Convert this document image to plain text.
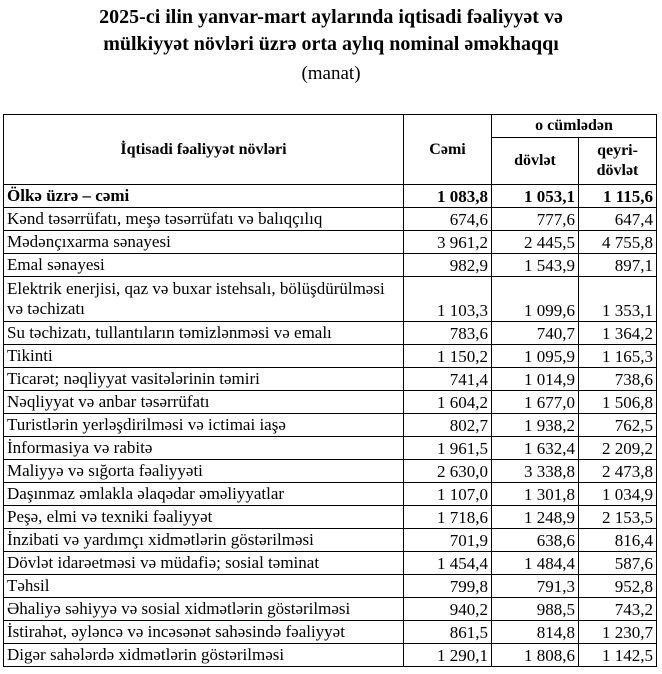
2025-ci ilin yanvar-mart aylarında iqtisadi fəaliyyət və
mülkiyyət növləri üzrə orta aylıq nominal əməkhaqqı
(manat)
İqtisadi fəaliyyət növləri	Cəmi	o cümlədən	
		dövlət	qeyri-dövlət
Ölkə üzrə – cəmi	1 083,8	1 053,1	1 115,6
Kənd təsərrüfatı, meşə təsərrüfatı və balıqçılıq	674,6	777,6	647,4
Mədənçıxarma sənayesi	3 961,2	2 445,5	4 755,8
Emal sənayesi	982,9	1 543,9	897,1
Elektrik enerjisi, qaz və buxar istehsalı, bölüşdürülməsi və təchizatı	1 103,3	1 099,6	1 353,1
Su təchizatı, tullantıların təmizlənməsi və emalı	783,6	740,7	1 364,2
Tikinti	1 150,2	1 095,9	1 165,3
Ticarət; nəqliyyat vasitələrinin təmiri	741,4	1 014,9	738,6
Nəqliyyat və anbar təsərrüfatı	1 604,2	1 677,0	1 506,8
Turistlərin yerləşdirilməsi və ictimai iaşə	802,7	1 938,2	762,5
İnformasiya və rabitə	1 961,5	1 632,4	2 209,2
Maliyyə və sığorta fəaliyyəti	2 630,0	3 338,8	2 473,8
Daşınmaz əmlakla əlaqədar əməliyyatlar	1 107,0	1 301,8	1 034,9
Peşə, elmi və texniki fəaliyyət	1 718,6	1 248,9	2 153,5
İnzibati və yardımçı xidmətlərin göstərilməsi	701,9	638,6	816,4
Dövlət idarəetməsi və müdafiə; sosial təminat	1 454,4	1 484,4	587,6
Təhsil	799,8	791,3	952,8
Əhaliyə səhiyyə və sosial xidmətlərin göstərilməsi	940,2	988,5	743,2
İstirahət, əyləncə və incəsənət sahəsində fəaliyyət	861,5	814,8	1 230,7
Digər sahələrdə xidmətlərin göstərilməsi	1 290,1	1 808,6	1 142,5
